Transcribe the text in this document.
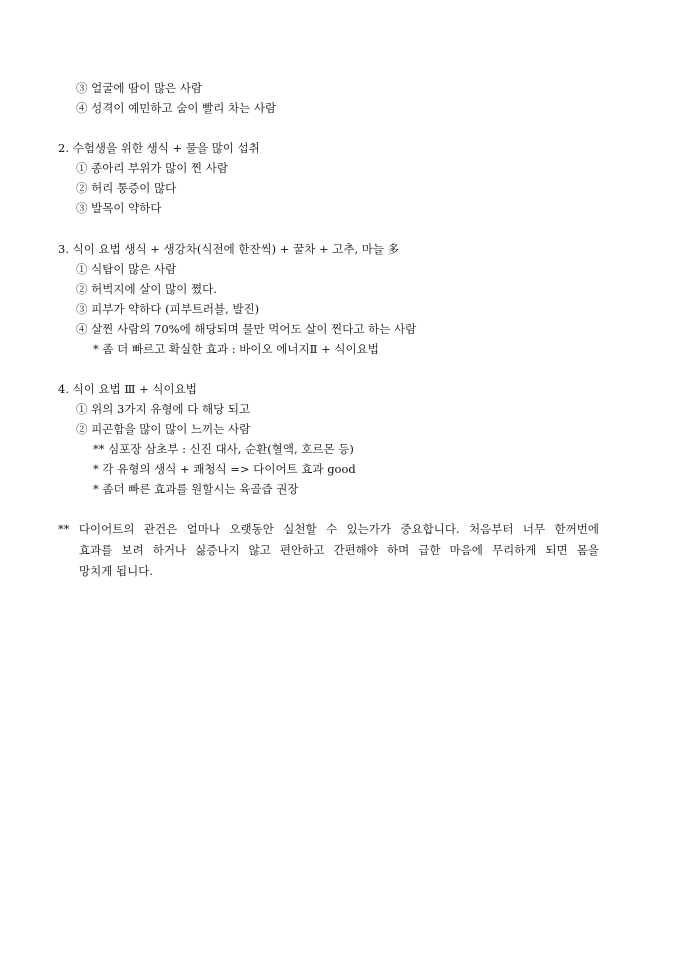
③ 얼굴에 땀이 많은 사람
④ 성격이 예민하고 숨이 빨리 차는 사람
2. 수험생을 위한 생식 + 물을 많이 섭취
① 종아리 부위가 많이 찐 사람
② 허리 통증이 많다
③ 발목이 약하다
3. 식이 요법 생식 + 생강차(식전에 한잔씩) + 꿀차 + 고추, 마늘 多
① 식탐이 많은 사람
② 허벅지에 살이 많이 쪘다.
③ 피부가 약하다 (피부트러블, 발진)
④ 살찐 사람의 70%에 해당되며 물만 먹어도 살이 찐다고 하는 사람
* 좀 더 빠르고 확실한 효과 : 바이오 에너지Ⅱ + 식이요법
4. 식이 요법 Ⅲ + 식이요법
① 위의 3가지 유형에 다 해당 되고
② 피곤함을 많이 많이 느끼는 사람
** 심포장 삼초부 : 신진 대사, 순환(혈액, 호르몬 등)
* 각 유형의 생식 + 쾌청식 => 다이어트 효과 good
* 좀더 빠른 효과를 원할시는 육골즙 권장
** 다이어트의 관건은 얼마나 오랫동안 실천할 수 있는가가 중요합니다. 처음부터 너무 한꺼번에
효과를 보려 하거나 싫증나지 않고 편안하고 간편해야 하며 급한 마음에 무리하게 되면 몸을
망치게 됩니다.
